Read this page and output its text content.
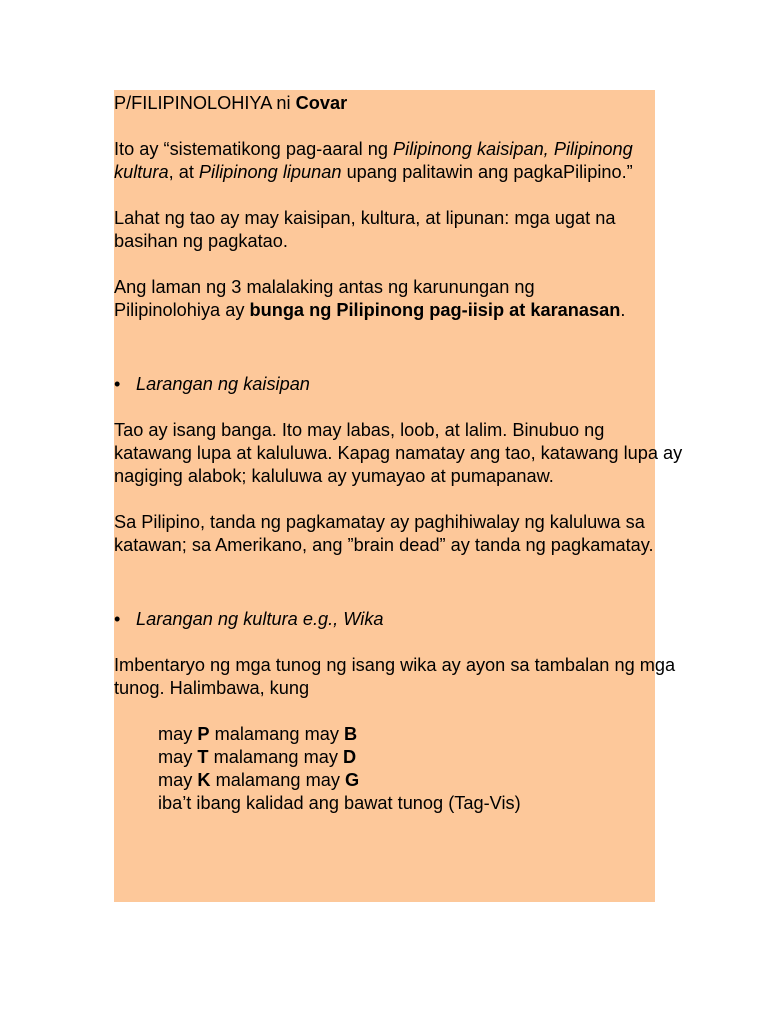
P/FILIPINOLOHIYA ni Covar

Ito ay “sistematikong pag-aaral ng Pilipinong kaisipan, Pilipinong kultura, at Pilipinong lipunan upang palitawin ang pagkaPilipino.”

Lahat ng tao ay may kaisipan, kultura, at lipunan: mga ugat na basihan ng pagkatao.

Ang laman ng 3 malalaking antas ng karunungan ng Pilipinolohiya ay bunga ng Pilipinong pag-iisip at karanasan.

• Larangan ng kaisipan

Tao ay isang banga. Ito may labas, loob, at lalim. Binubuo ng katawang lupa at kaluluwa. Kapag namatay ang tao, katawang lupa ay nagiging alabok; kaluluwa ay yumayao at pumapanaw.

Sa Pilipino, tanda ng pagkamatay ay paghihiwalay ng kaluluwa sa katawan; sa Amerikano, ang ”brain dead” ay tanda ng pagkamatay.

• Larangan ng kultura e.g., Wika

Imbentaryo ng mga tunog ng isang wika ay ayon sa tambalan ng mga tunog. Halimbawa, kung

may P malamang may B

may T malamang may D

may K malamang may G

iba’t ibang kalidad ang bawat tunog (Tag-Vis)
